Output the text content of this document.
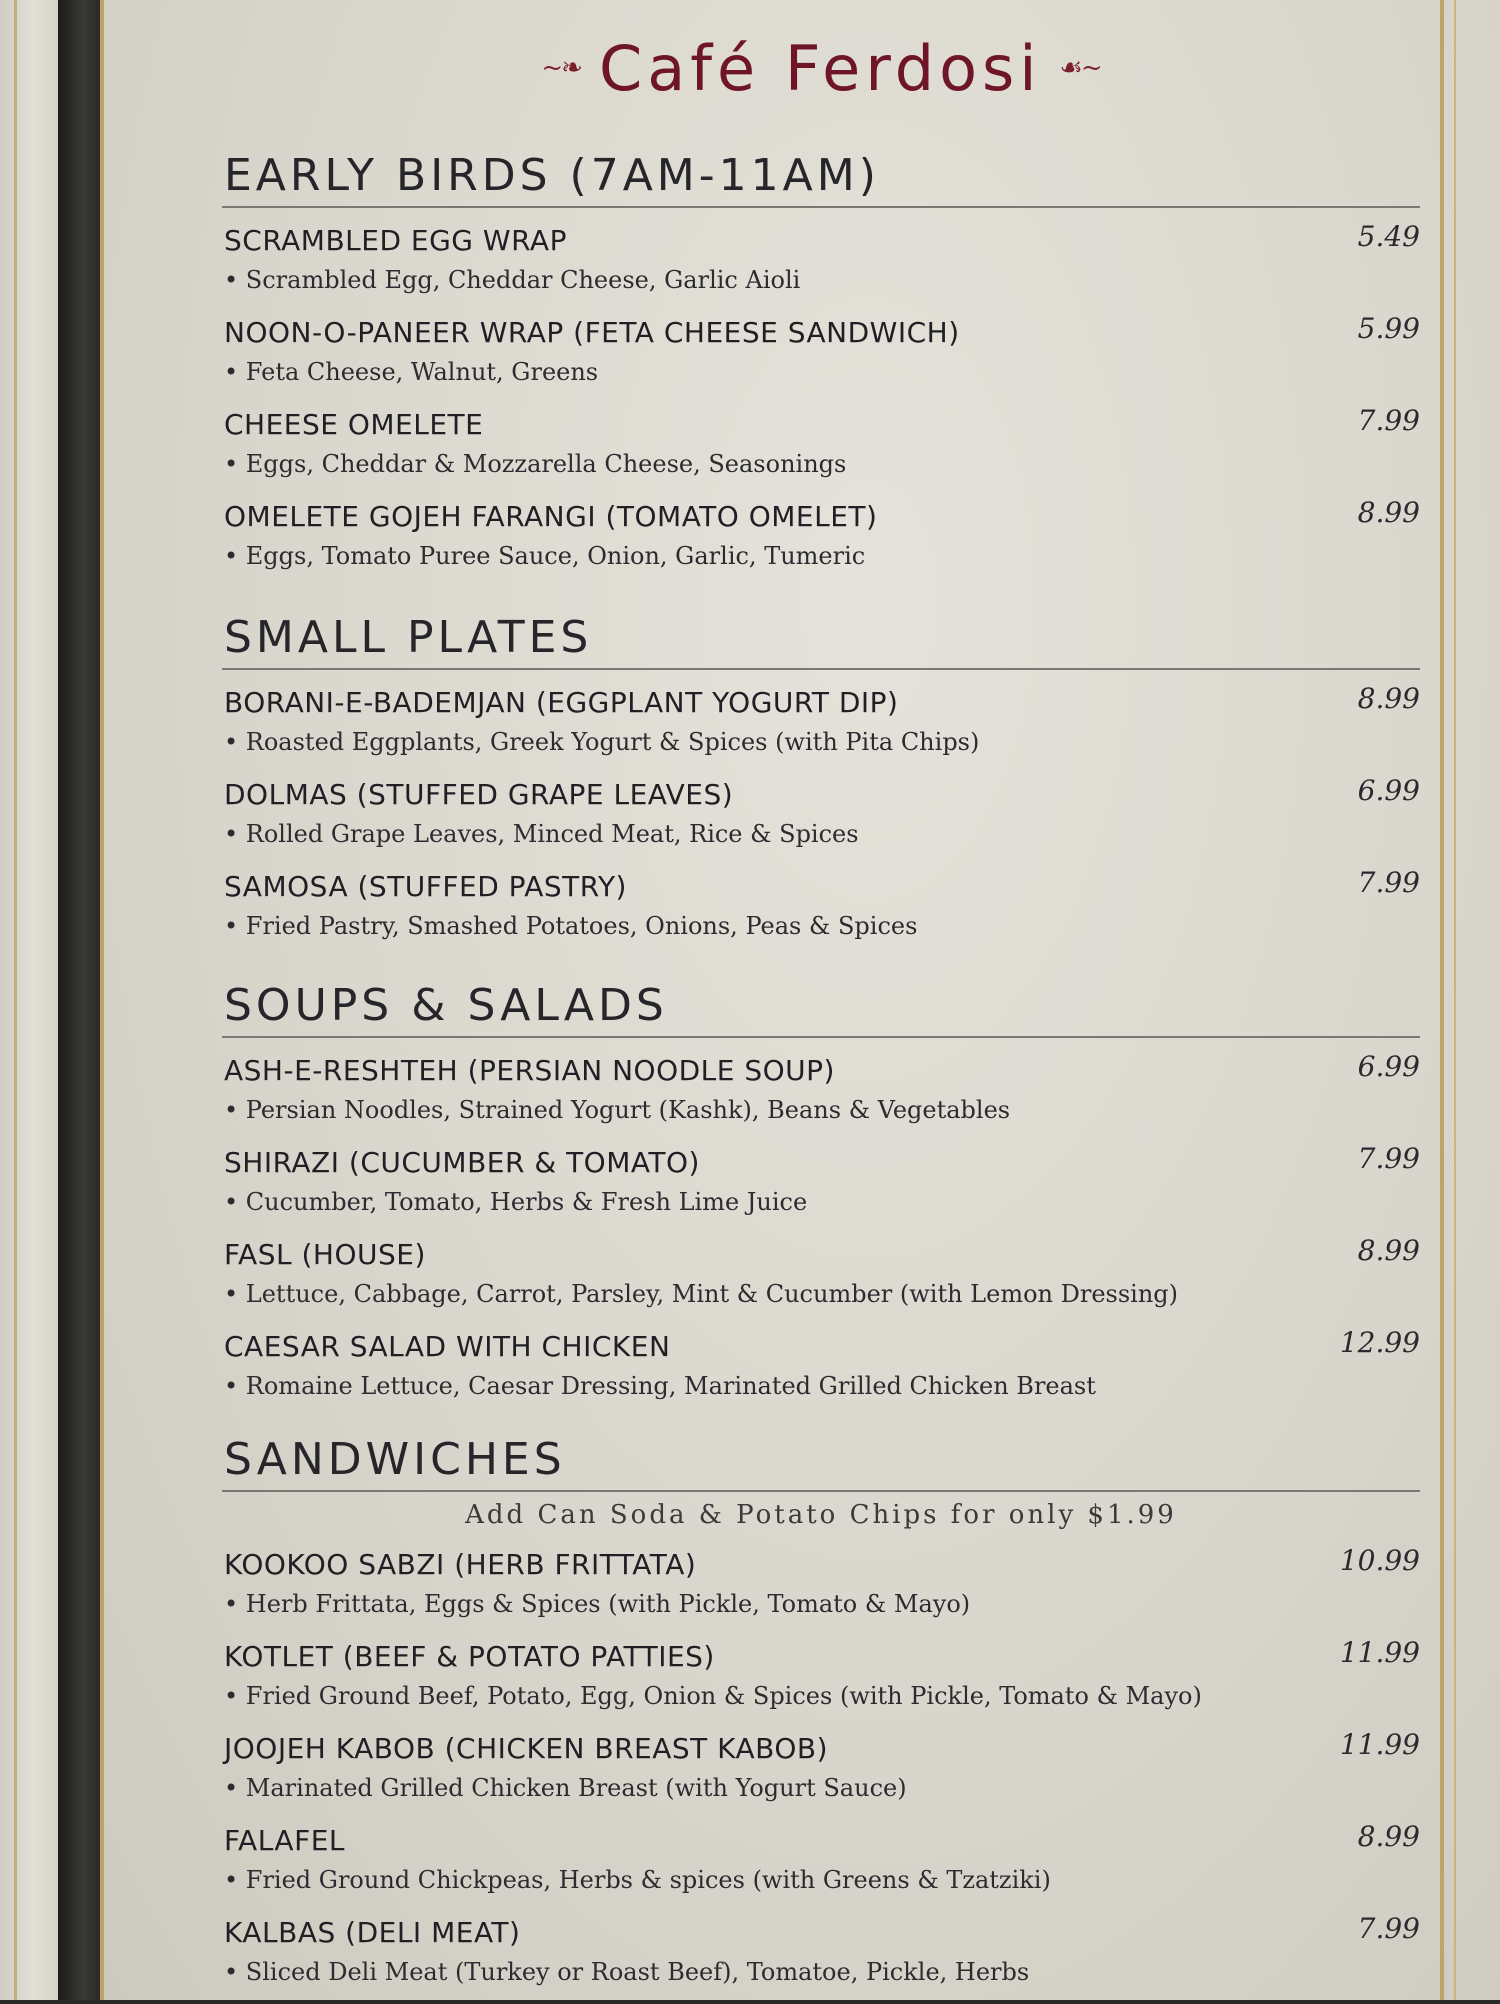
~❧ Café Ferdosi ☙~
EARLY BIRDS (7AM-11AM)
SCRAMBLED EGG WRAP
• Scrambled Egg, Cheddar Cheese, Garlic Aioli
5.49
NOON-O-PANEER WRAP (FETA CHEESE SANDWICH)
• Feta Cheese, Walnut, Greens
5.99
CHEESE OMELETE
• Eggs, Cheddar & Mozzarella Cheese, Seasonings
7.99
OMELETE GOJEH FARANGI (TOMATO OMELET)
• Eggs, Tomato Puree Sauce, Onion, Garlic, Tumeric
8.99
SMALL PLATES
BORANI-E-BADEMJAN (EGGPLANT YOGURT DIP)
• Roasted Eggplants, Greek Yogurt & Spices (with Pita Chips)
8.99
DOLMAS (STUFFED GRAPE LEAVES)
• Rolled Grape Leaves, Minced Meat, Rice & Spices
6.99
SAMOSA (STUFFED PASTRY)
• Fried Pastry, Smashed Potatoes, Onions, Peas & Spices
7.99
SOUPS & SALADS
ASH-E-RESHTEH (PERSIAN NOODLE SOUP)
• Persian Noodles, Strained Yogurt (Kashk), Beans & Vegetables
6.99
SHIRAZI (CUCUMBER & TOMATO)
• Cucumber, Tomato, Herbs & Fresh Lime Juice
7.99
FASL (HOUSE)
• Lettuce, Cabbage, Carrot, Parsley, Mint & Cucumber (with Lemon Dressing)
8.99
CAESAR SALAD WITH CHICKEN
• Romaine Lettuce, Caesar Dressing, Marinated Grilled Chicken Breast
12.99
SANDWICHES
Add Can Soda & Potato Chips for only $1.99
KOOKOO SABZI (HERB FRITTATA)
• Herb Frittata, Eggs & Spices (with Pickle, Tomato & Mayo)
10.99
KOTLET (BEEF & POTATO PATTIES)
• Fried Ground Beef, Potato, Egg, Onion & Spices (with Pickle, Tomato & Mayo)
11.99
JOOJEH KABOB (CHICKEN BREAST KABOB)
• Marinated Grilled Chicken Breast (with Yogurt Sauce)
11.99
FALAFEL
• Fried Ground Chickpeas, Herbs & spices (with Greens & Tzatziki)
8.99
KALBAS (DELI MEAT)
• Sliced Deli Meat (Turkey or Roast Beef), Tomatoe, Pickle, Herbs
7.99
